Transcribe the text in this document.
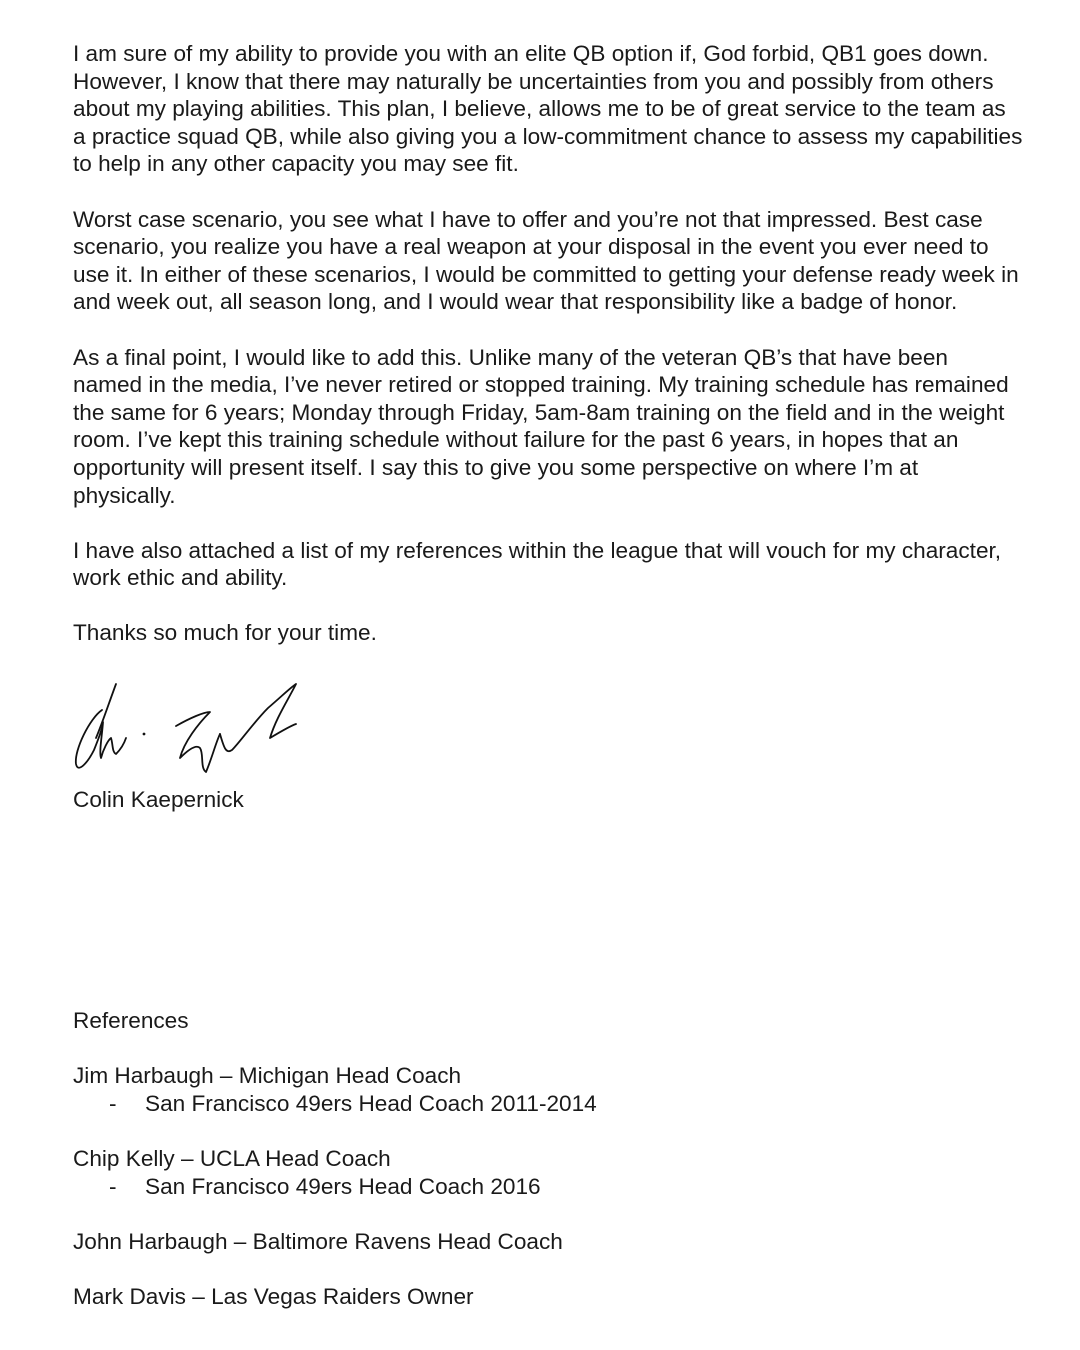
I am sure of my ability to provide you with an elite QB option if, God forbid, QB1 goes down. However, I know that there may naturally be uncertainties from you and possibly from others about my playing abilities. This plan, I believe, allows me to be of great service to the team as a practice squad QB, while also giving you a low-commitment chance to assess my capabilities to help in any other capacity you may see fit.

Worst case scenario, you see what I have to offer and you’re not that impressed. Best case scenario, you realize you have a real weapon at your disposal in the event you ever need to use it. In either of these scenarios, I would be committed to getting your defense ready week in and week out, all season long, and I would wear that responsibility like a badge of honor.

As a final point, I would like to add this. Unlike many of the veteran QB’s that have been named in the media, I’ve never retired or stopped training. My training schedule has remained the same for 6 years; Monday through Friday, 5am-8am training on the field and in the weight room. I’ve kept this training schedule without failure for the past 6 years, in hopes that an opportunity will present itself. I say this to give you some perspective on where I’m at physically.

I have also attached a list of my references within the league that will vouch for my character, work ethic and ability.

Thanks so much for your time.

Colin Kaepernick

References

Jim Harbaugh – Michigan Head Coach

- San Francisco 49ers Head Coach 2011-2014

Chip Kelly – UCLA Head Coach

- San Francisco 49ers Head Coach 2016

John Harbaugh – Baltimore Ravens Head Coach

Mark Davis – Las Vegas Raiders Owner
